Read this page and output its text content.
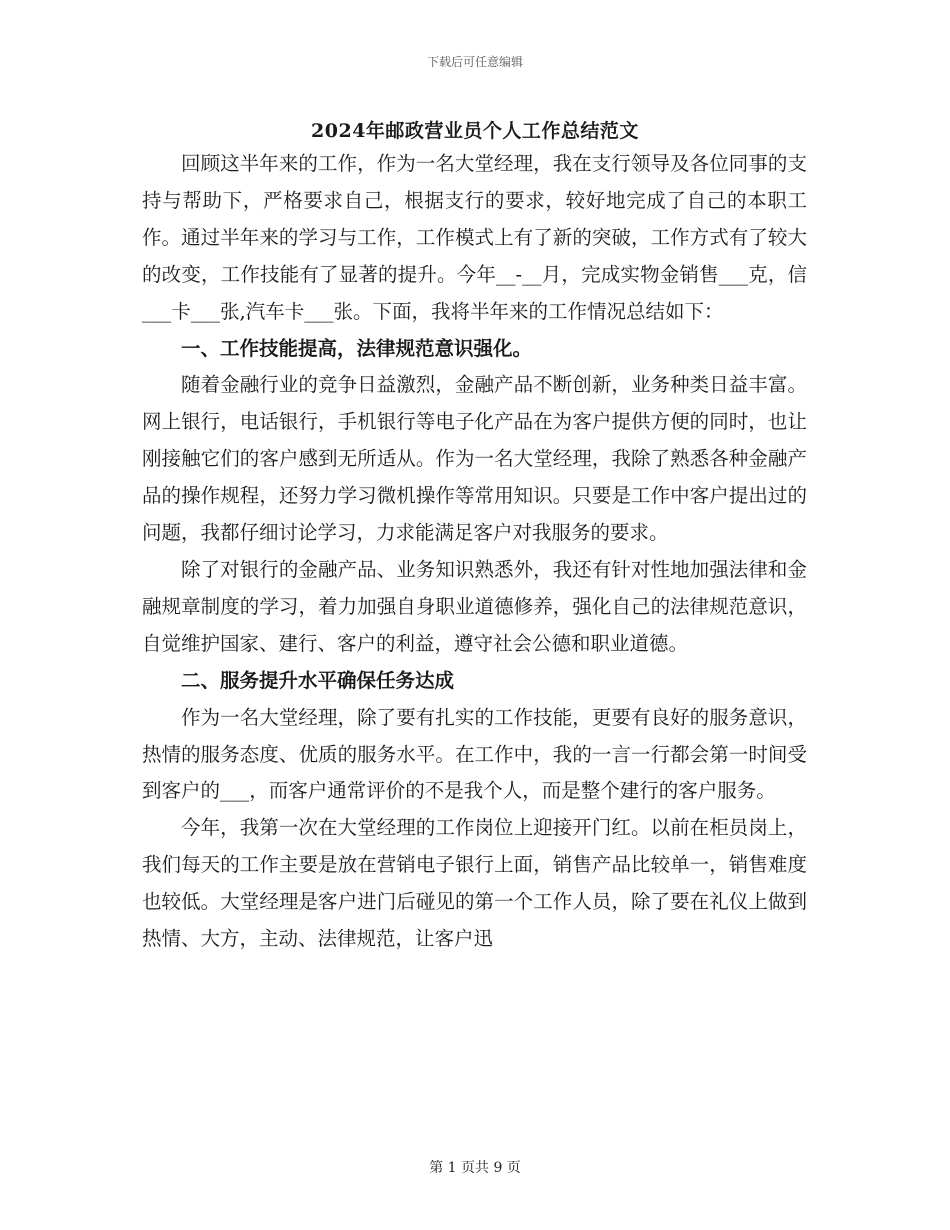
下载后可任意编辑
2024年邮政营业员个人工作总结范文

回顾这半年来的工作，作为一名大堂经理，我在支行领导及各位同事的支持与帮助下，严格要求自己，根据支行的要求，较好地完成了自己的本职工作。通过半年来的学习与工作，工作模式上有了新的突破，工作方式有了较大的改变，工作技能有了显著的提升。今年__-__月，完成实物金销售___克，信___卡___张,汽车卡___张。下面，我将半年来的工作情况总结如下：

一、工作技能提高，法律规范意识强化。

随着金融行业的竞争日益激烈，金融产品不断创新，业务种类日益丰富。网上银行，电话银行，手机银行等电子化产品在为客户提供方便的同时，也让刚接触它们的客户感到无所适从。作为一名大堂经理，我除了熟悉各种金融产品的操作规程，还努力学习微机操作等常用知识。只要是工作中客户提出过的问题，我都仔细讨论学习，力求能满足客户对我服务的要求。

除了对银行的金融产品、业务知识熟悉外，我还有针对性地加强法律和金融规章制度的学习，着力加强自身职业道德修养，强化自己的法律规范意识，自觉维护国家、建行、客户的利益，遵守社会公德和职业道德。

二、服务提升水平确保任务达成

作为一名大堂经理，除了要有扎实的工作技能，更要有良好的服务意识，热情的服务态度、优质的服务水平。在工作中，我的一言一行都会第一时间受到客户的___，而客户通常评价的不是我个人，而是整个建行的客户服务。

今年，我第一次在大堂经理的工作岗位上迎接开门红。以前在柜员岗上，我们每天的工作主要是放在营销电子银行上面，销售产品比较单一，销售难度也较低。大堂经理是客户进门后碰见的第一个工作人员，除了要在礼仪上做到热情、大方，主动、法律规范，让客户迅

第 1 页共 9 页
